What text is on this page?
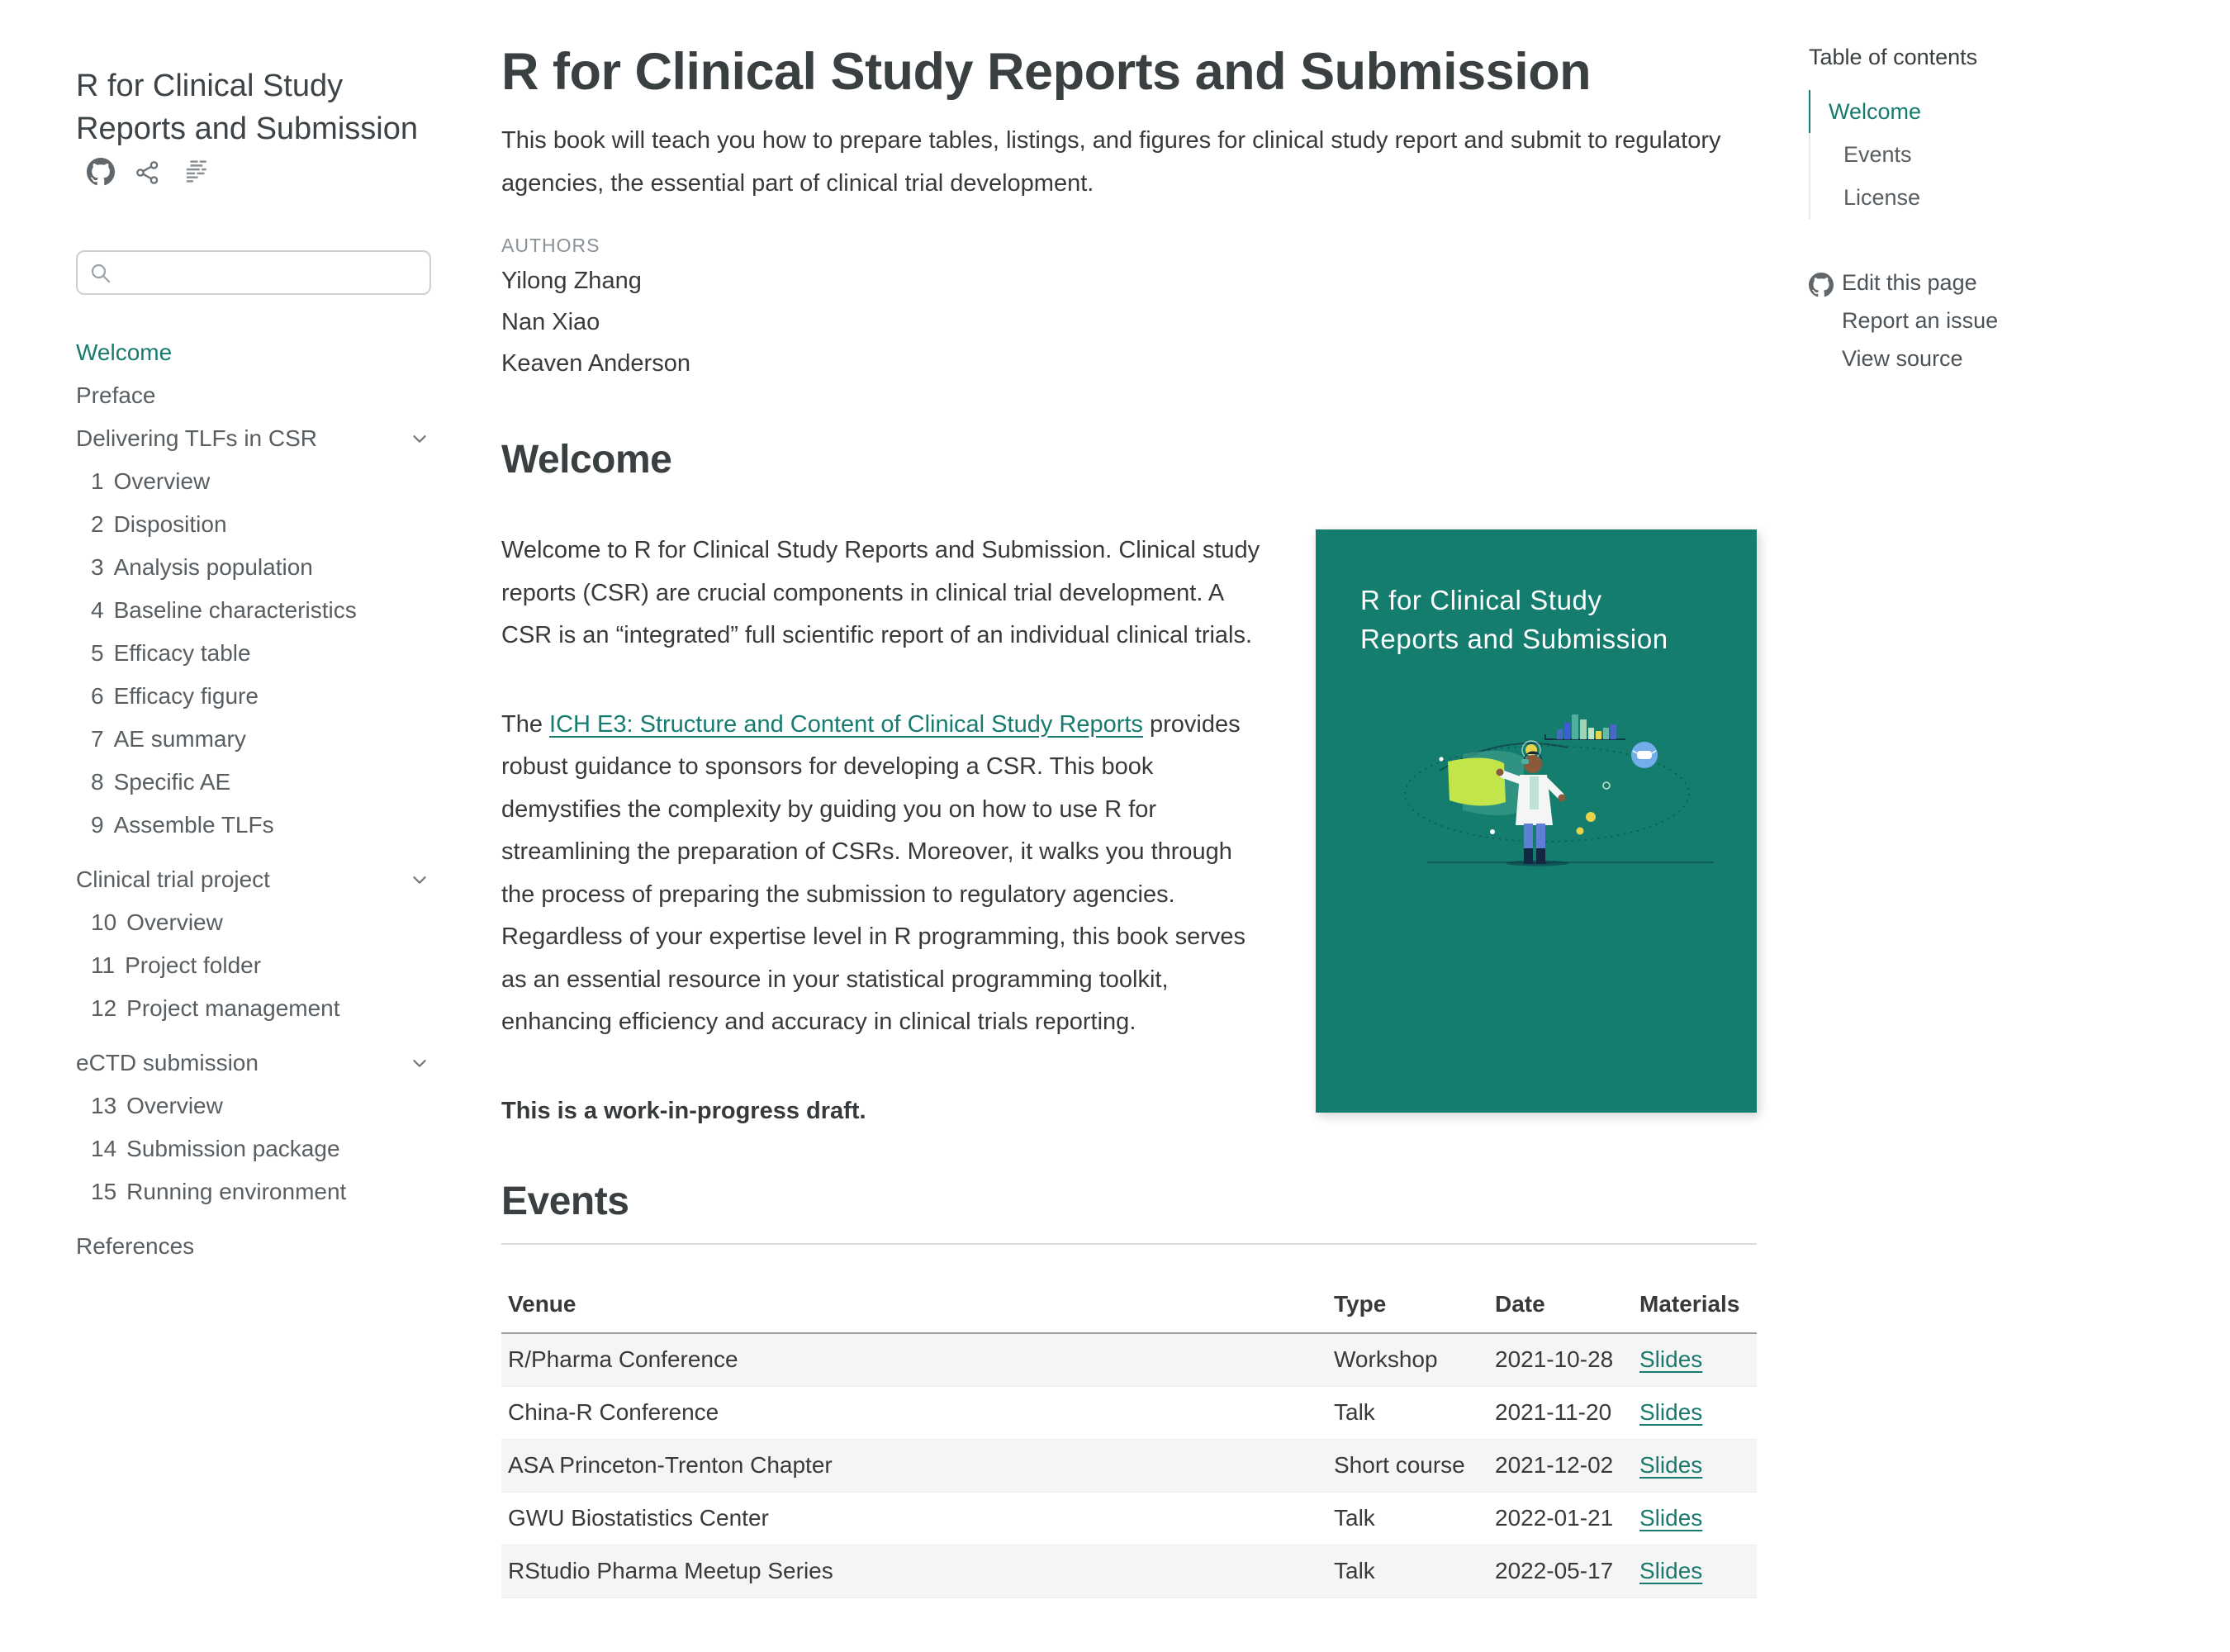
R for Clinical Study Reports and Submission
Welcome
Preface
Delivering TLFs in CSR
1 Overview
2 Disposition
3 Analysis population
4 Baseline characteristics
5 Efficacy table
6 Efficacy figure
7 AE summary
8 Specific AE
9 Assemble TLFs
Clinical trial project
10 Overview
11 Project folder
12 Project management
eCTD submission
13 Overview
14 Submission package
15 Running environment
References
R for Clinical Study Reports and Submission
This book will teach you how to prepare tables, listings, and figures for clinical study report and submit to regulatory agencies, the essential part of clinical trial development.
AUTHORS
Yilong Zhang
Nan Xiao
Keaven Anderson
Welcome

Welcome to R for Clinical Study Reports and Submission. Clinical study reports (CSR) are crucial components in clinical trial development. A CSR is an “integrated” full scientific report of an individual clinical trials.

The ICH E3: Structure and Content of Clinical Study Reports provides robust guidance to sponsors for developing a CSR. This book demystifies the complexity by guiding you on how to use R for streamlining the preparation of CSRs. Moreover, it walks you through the process of preparing the submission to regulatory agencies. Regardless of your expertise level in R programming, this book serves as an essential resource in your statistical programming toolkit, enhancing efficiency and accuracy in clinical trials reporting.

This is a work-in-progress draft.

R for Clinical Study
Reports and Submission
Events
Venue	Type	Date	Materials
R/Pharma Conference	Workshop	2021-10-28	Slides
China-R Conference	Talk	2021-11-20	Slides
ASA Princeton-Trenton Chapter	Short course	2021-12-02	Slides
GWU Biostatistics Center	Talk	2022-01-21	Slides
RStudio Pharma Meetup Series	Talk	2022-05-17	Slides
Table of contents
Welcome
Events
License
Edit this page
Report an issue
View source
